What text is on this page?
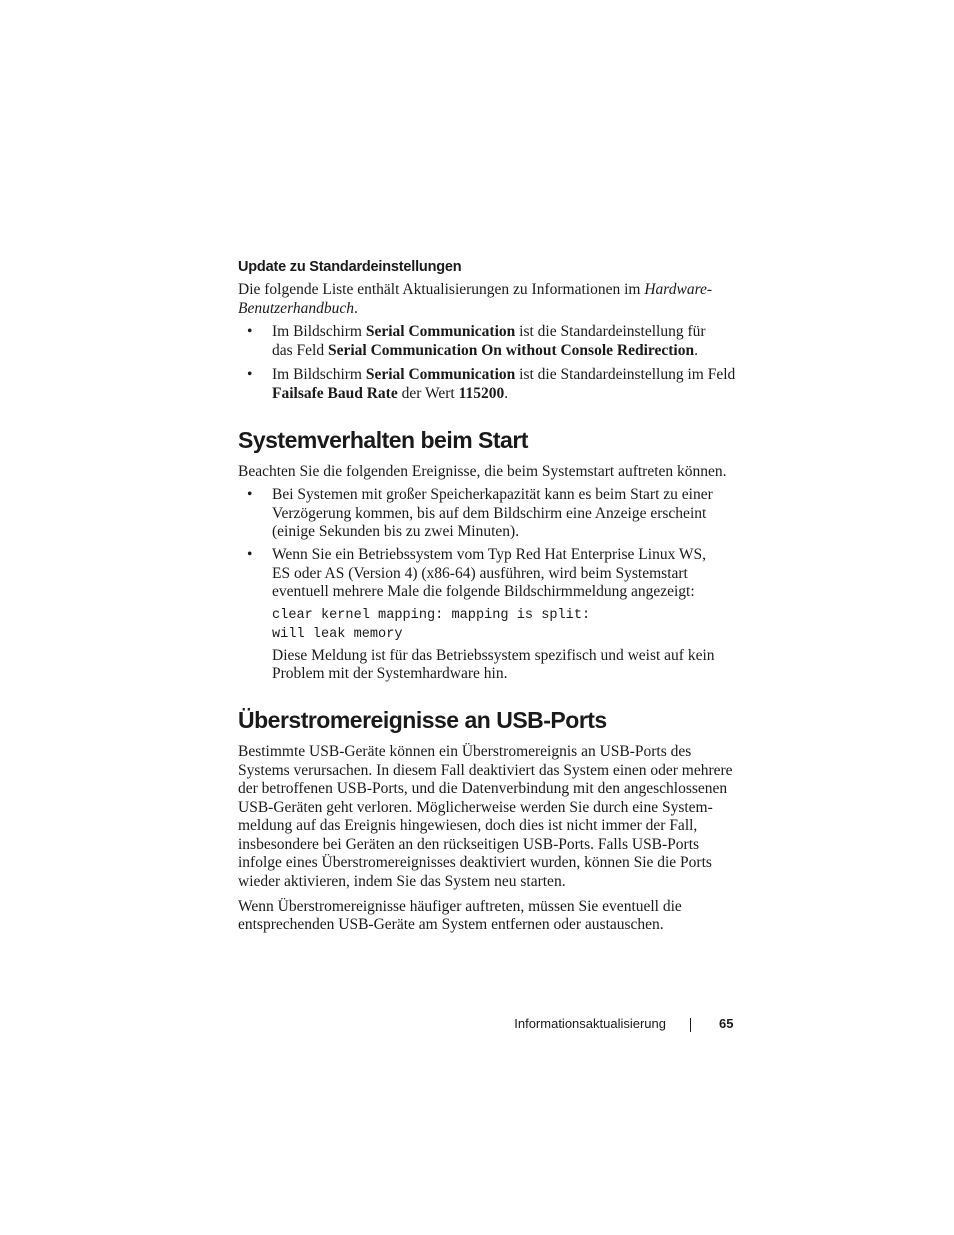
Update zu Standardeinstellungen

Die folgende Liste enthält Aktualisierungen zu Informationen im Hardware-
Benutzerhandbuch.

• Im Bildschirm Serial Communication ist die Standardeinstellung für
das Feld Serial Communication On without Console Redirection.
• Im Bildschirm Serial Communication ist die Standardeinstellung im Feld
Failsafe Baud Rate der Wert 115200.
Systemverhalten beim Start

Beachten Sie die folgenden Ereignisse, die beim Systemstart auftreten können.

• Bei Systemen mit großer Speicherkapazität kann es beim Start zu einer
Verzögerung kommen, bis auf dem Bildschirm eine Anzeige erscheint
(einige Sekunden bis zu zwei Minuten).
• Wenn Sie ein Betriebssystem vom Typ Red Hat Enterprise Linux WS,
ES oder AS (Version 4) (x86-64) ausführen, wird beim Systemstart
eventuell mehrere Male die folgende Bildschirmmeldung angezeigt:
clear kernel mapping: mapping is split:
will leak memory
Diese Meldung ist für das Betriebssystem spezifisch und weist auf kein
Problem mit der Systemhardware hin.
Überstromereignisse an USB-Ports

Bestimmte USB-Geräte können ein Überstromereignis an USB-Ports des
Systems verursachen. In diesem Fall deaktiviert das System einen oder mehrere
der betroffenen USB-Ports, und die Datenverbindung mit den angeschlossenen
USB-Geräten geht verloren. Möglicherweise werden Sie durch eine System-
meldung auf das Ereignis hingewiesen, doch dies ist nicht immer der Fall,
insbesondere bei Geräten an den rückseitigen USB-Ports. Falls USB-Ports
infolge eines Überstromereignisses deaktiviert wurden, können Sie die Ports
wieder aktivieren, indem Sie das System neu starten.

Wenn Überstromereignisse häufiger auftreten, müssen Sie eventuell die
entsprechenden USB-Geräte am System entfernen oder austauschen.

Informationsaktualisierung	65
